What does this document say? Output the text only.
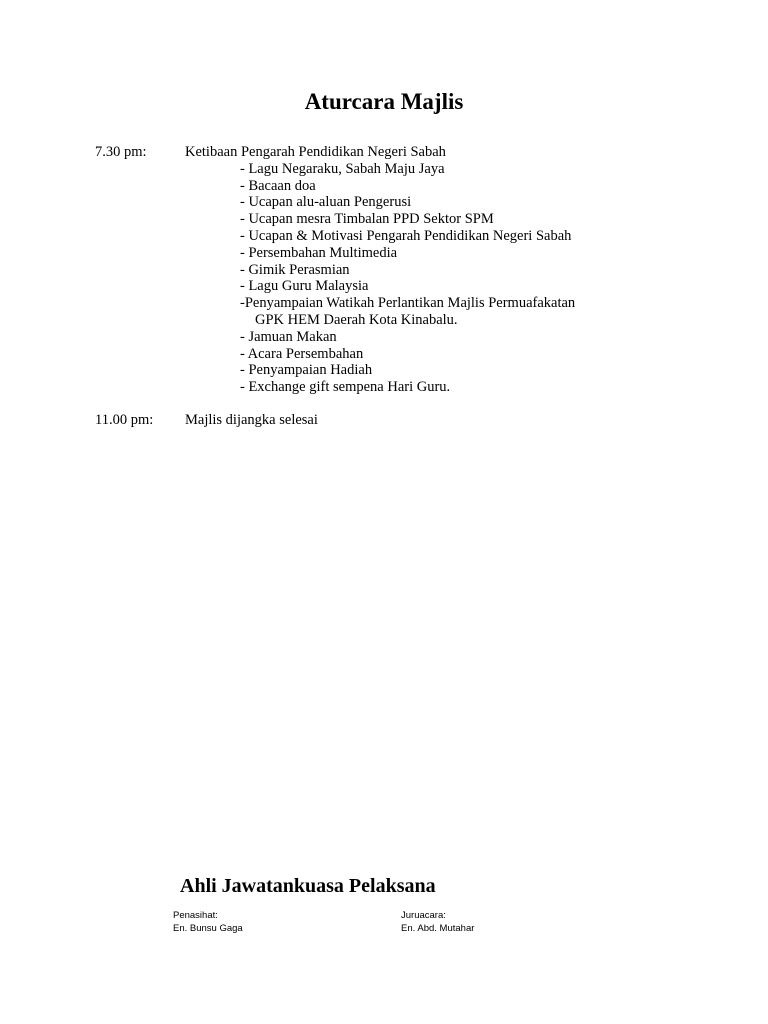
Aturcara Majlis
7.30 pm:	Ketibaan Pengarah Pendidikan Negeri Sabah
- Lagu Negaraku, Sabah Maju Jaya
- Bacaan doa
- Ucapan alu-aluan Pengerusi
- Ucapan mesra Timbalan PPD Sektor SPM
- Ucapan & Motivasi Pengarah Pendidikan Negeri Sabah
- Persembahan Multimedia
- Gimik Perasmian
- Lagu Guru Malaysia
-Penyampaian Watikah Perlantikan Majlis Permuafakatan
GPK HEM Daerah Kota Kinabalu.
- Jamuan Makan
- Acara Persembahan
- Penyampaian Hadiah
- Exchange gift sempena Hari Guru.
11.00 pm: Majlis dijangka selesai
Ahli Jawatankuasa Pelaksana
Penasihat:
En. Bunsu Gaga
Juruacara:
En. Abd. Mutahar
